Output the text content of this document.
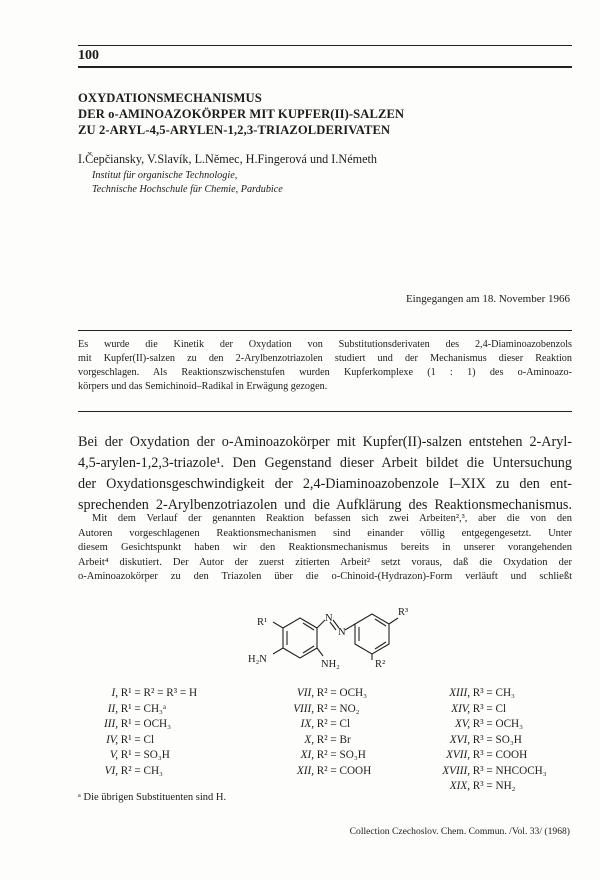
100
OXYDATIONSMECHANISMUS
DER o-AMINOAZOKÖRPER MIT KUPFER(II)-SALZEN
ZU 2-ARYL-4,5-ARYLEN-1,2,3-TRIAZOLDERIVATEN
I.Čepčiansky, V.Slavík, L.Němec, H.Fingerová und I.Németh
Institut für organische Technologie,
Technische Hochschule für Chemie, Pardubice
Eingegangen am 18. November 1966
Es wurde die Kinetik der Oxydation von Substitutionsderivaten des 2,4-Diaminoazobenzols
mit Kupfer(II)-salzen zu den 2-Arylbenzotriazolen studiert und der Mechanismus dieser Reaktion
vorgeschlagen. Als Reaktionszwischenstufen wurden Kupferkomplexe (1 : 1) des o-Aminoazo-
körpers und das Semichinoid–Radikal in Erwägung gezogen.
Bei der Oxydation der o-Aminoazokörper mit Kupfer(II)-salzen entstehen 2-Aryl-
4,5-arylen-1,2,3-triazole¹. Den Gegenstand dieser Arbeit bildet die Untersuchung
der Oxydationsgeschwindigkeit der 2,4-Diaminoazobenzole I–XIX zu den ent-
sprechenden 2-Arylbenzotriazolen und die Aufklärung des Reaktionsmechanismus.
Mit dem Verlauf der genannten Reaktion befassen sich zwei Arbeiten²,³, aber die von den
Autoren vorgeschlagenen Reaktionsmechanismen sind einander völlig entgegengesetzt. Unter
diesem Gesichtspunkt haben wir den Reaktionsmechanismus bereits in unserer vorangehenden
Arbeit⁴ diskutiert. Der Autor der zuerst zitierten Arbeit² setzt voraus, daß die Oxydation der
o-Aminoazokörper zu den Triazolen über die o-Chinoid-(Hydrazon)-Form verläuft und schließt
R¹
H₂N	NH₂
N
N
R³
R²
I, R¹ = R² = R³ = H
II, R¹ = CH₃ᵃ
III, R¹ = OCH₃
IV, R¹ = Cl
V, R¹ = SO₃H
VI, R² = CH₃
VII, R² = OCH₃
VIII, R² = NO₂
IX, R² = Cl
X, R² = Br
XI, R² = SO₃H
XII, R² = COOH
XIII, R³ = CH₃
XIV, R³ = Cl
XV, R³ = OCH₃
XVI, R³ = SO₃H
XVII, R³ = COOH
XVIII, R³ = NHCOCH₃
XIX, R³ = NH₂
ᵃ Die übrigen Substituenten sind H.
Collection Czechoslov. Chem. Commun. /Vol. 33/ (1968)
